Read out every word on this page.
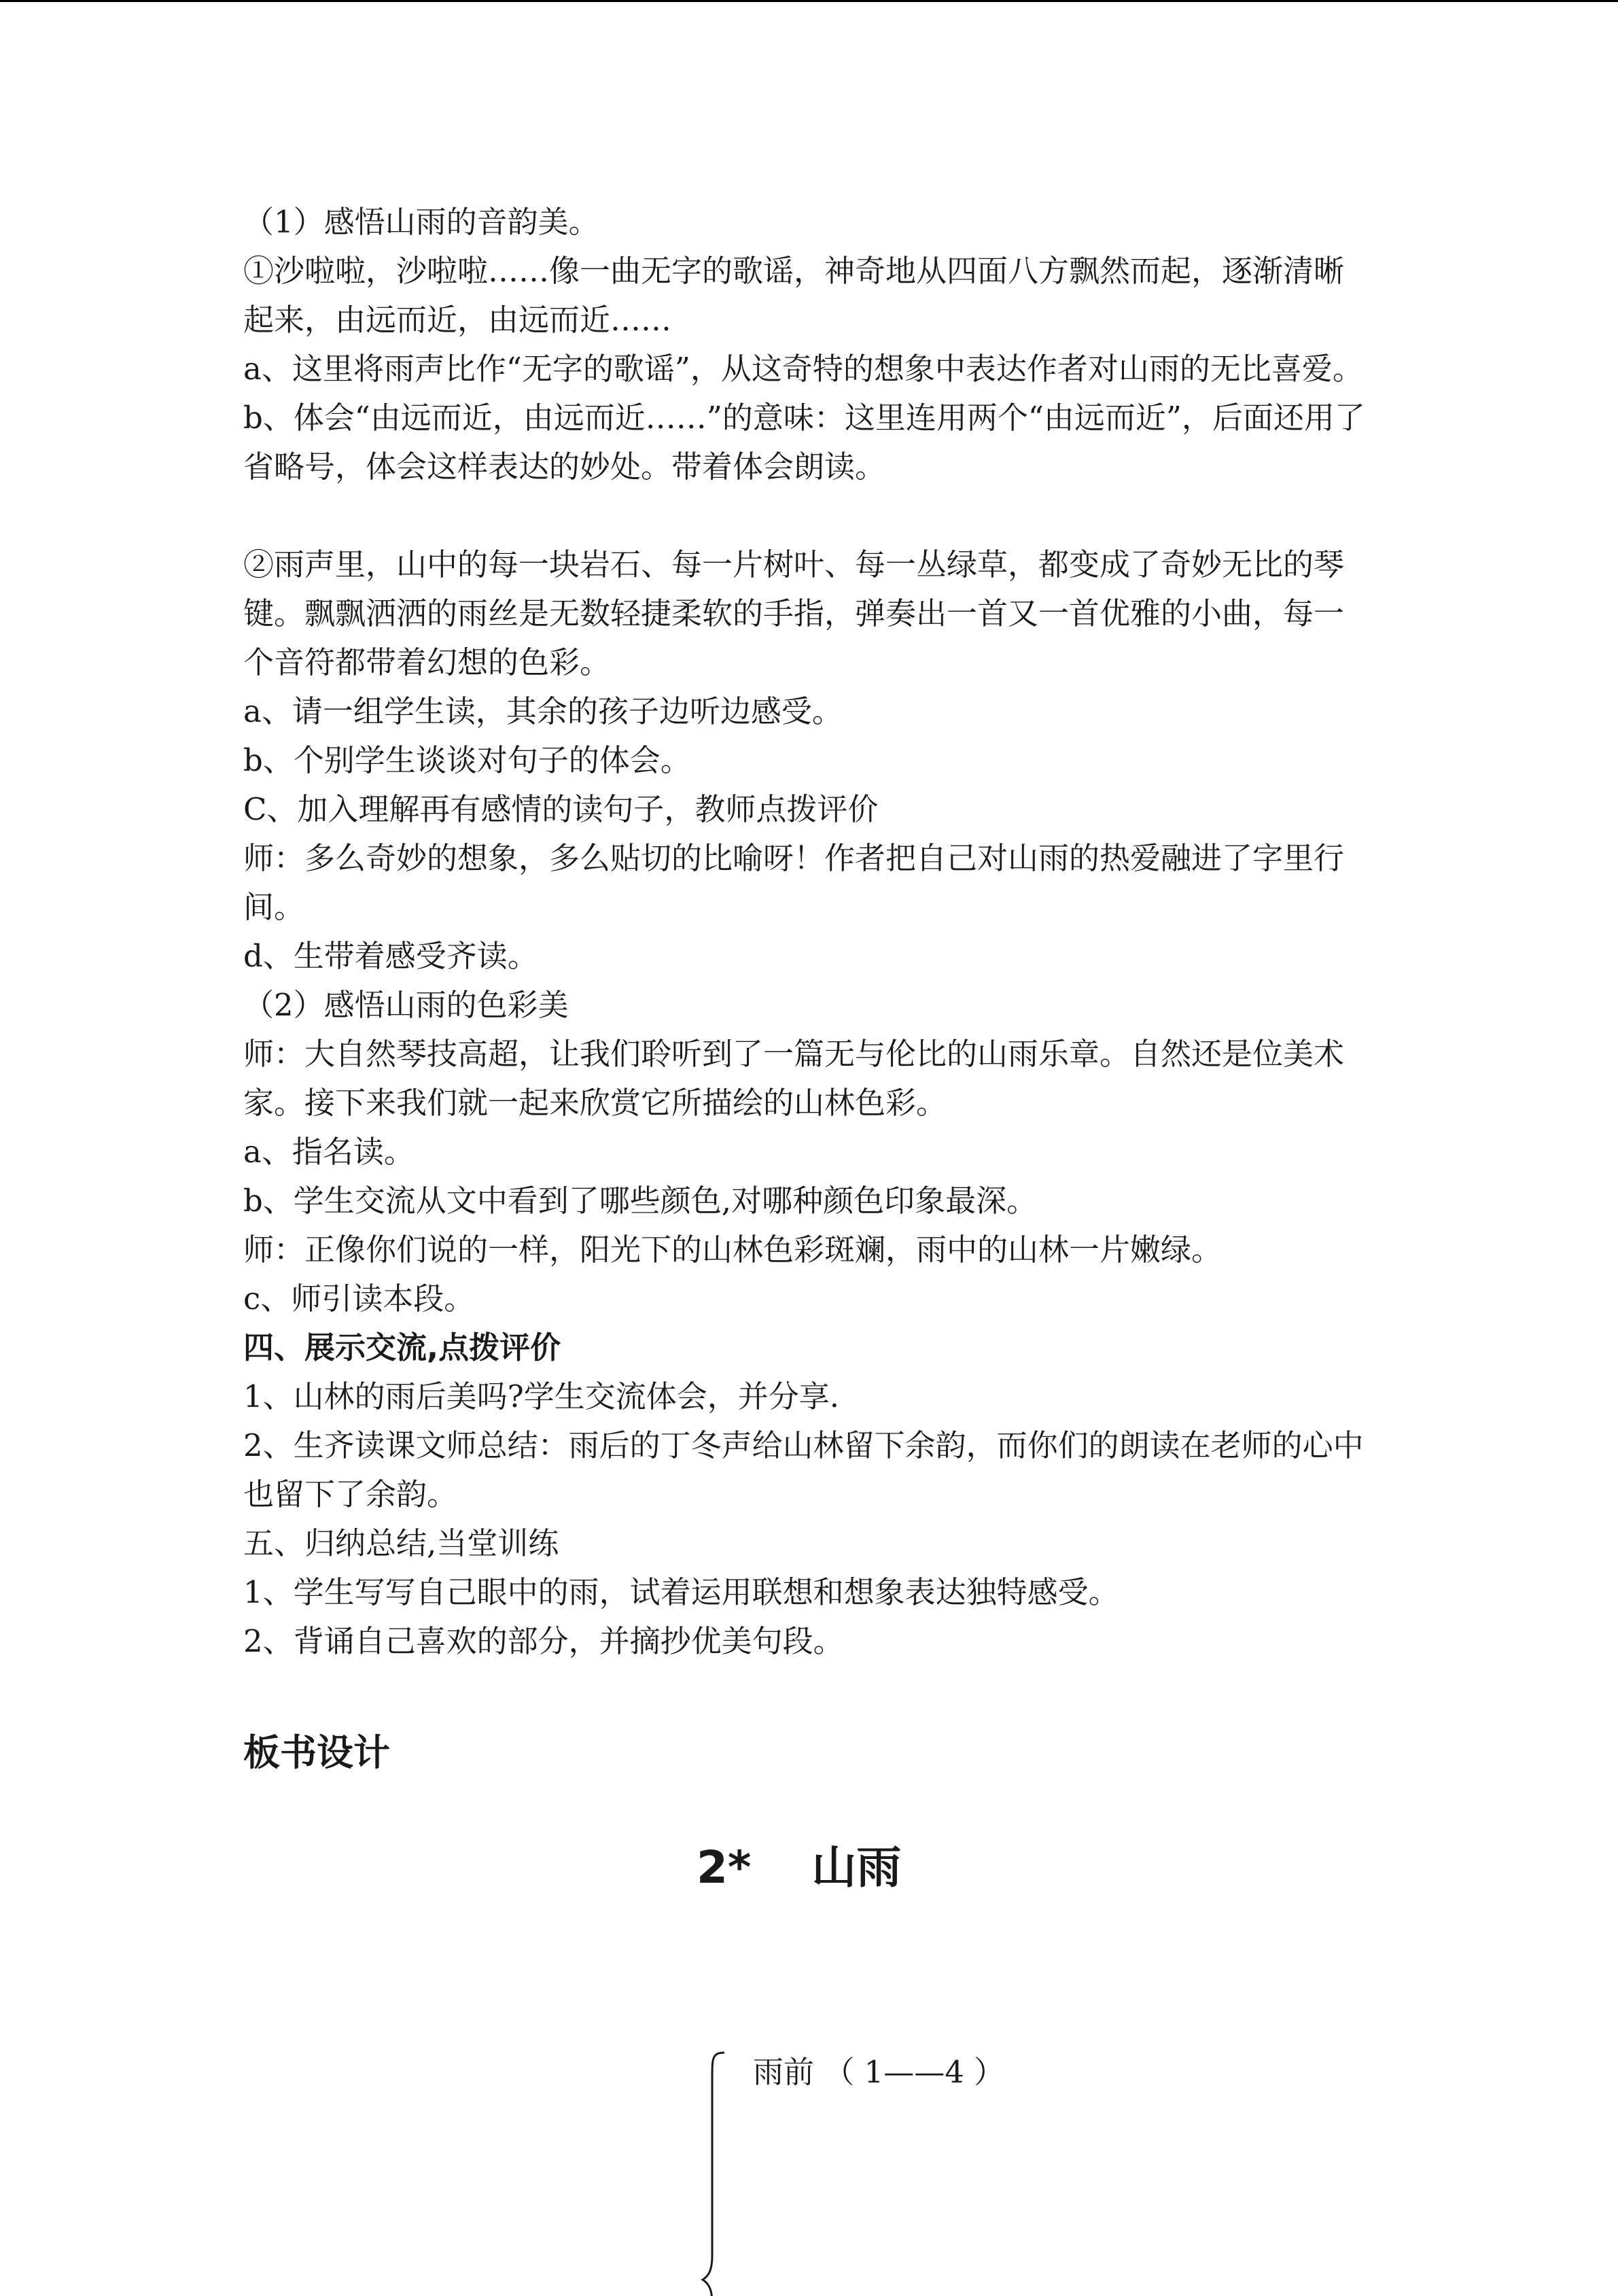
（1）感悟山雨的音韵美。

①沙啦啦，沙啦啦……像一曲无字的歌谣，神奇地从四面八方飘然而起，逐渐清晰起来，由远而近，由远而近……

a、这里将雨声比作“无字的歌谣”，从这奇特的想象中表达作者对山雨的无比喜爱。

b、体会“由远而近，由远而近……”的意味：这里连用两个“由远而近”，后面还用了省略号，体会这样表达的妙处。带着体会朗读。

②雨声里，山中的每一块岩石、每一片树叶、每一丛绿草，都变成了奇妙无比的琴键。飘飘洒洒的雨丝是无数轻捷柔软的手指，弹奏出一首又一首优雅的小曲，每一个音符都带着幻想的色彩。

a、请一组学生读，其余的孩子边听边感受。

b、个别学生谈谈对句子的体会。

C、加入理解再有感情的读句子，教师点拨评价

师：多么奇妙的想象，多么贴切的比喻呀！作者把自己对山雨的热爱融进了字里行间。

d、生带着感受齐读。

（2）感悟山雨的色彩美

师：大自然琴技高超，让我们聆听到了一篇无与伦比的山雨乐章。自然还是位美术家。接下来我们就一起来欣赏它所描绘的山林色彩。

a、指名读。

b、学生交流从文中看到了哪些颜色,对哪种颜色印象最深。

师：正像你们说的一样，阳光下的山林色彩斑斓，雨中的山林一片嫩绿。

c、师引读本段。

四、展示交流,点拨评价

1、山林的雨后美吗?学生交流体会，并分享.

2、生齐读课文师总结：雨后的丁冬声给山林留下余韵，而你们的朗读在老师的心中也留下了余韵。

五、归纳总结,当堂训练

1、学生写写自己眼中的雨，试着运用联想和想象表达独特感受。

2、背诵自己喜欢的部分，并摘抄优美句段。

板书设计
2*　 山雨

雨前 （ 1——4 ）
